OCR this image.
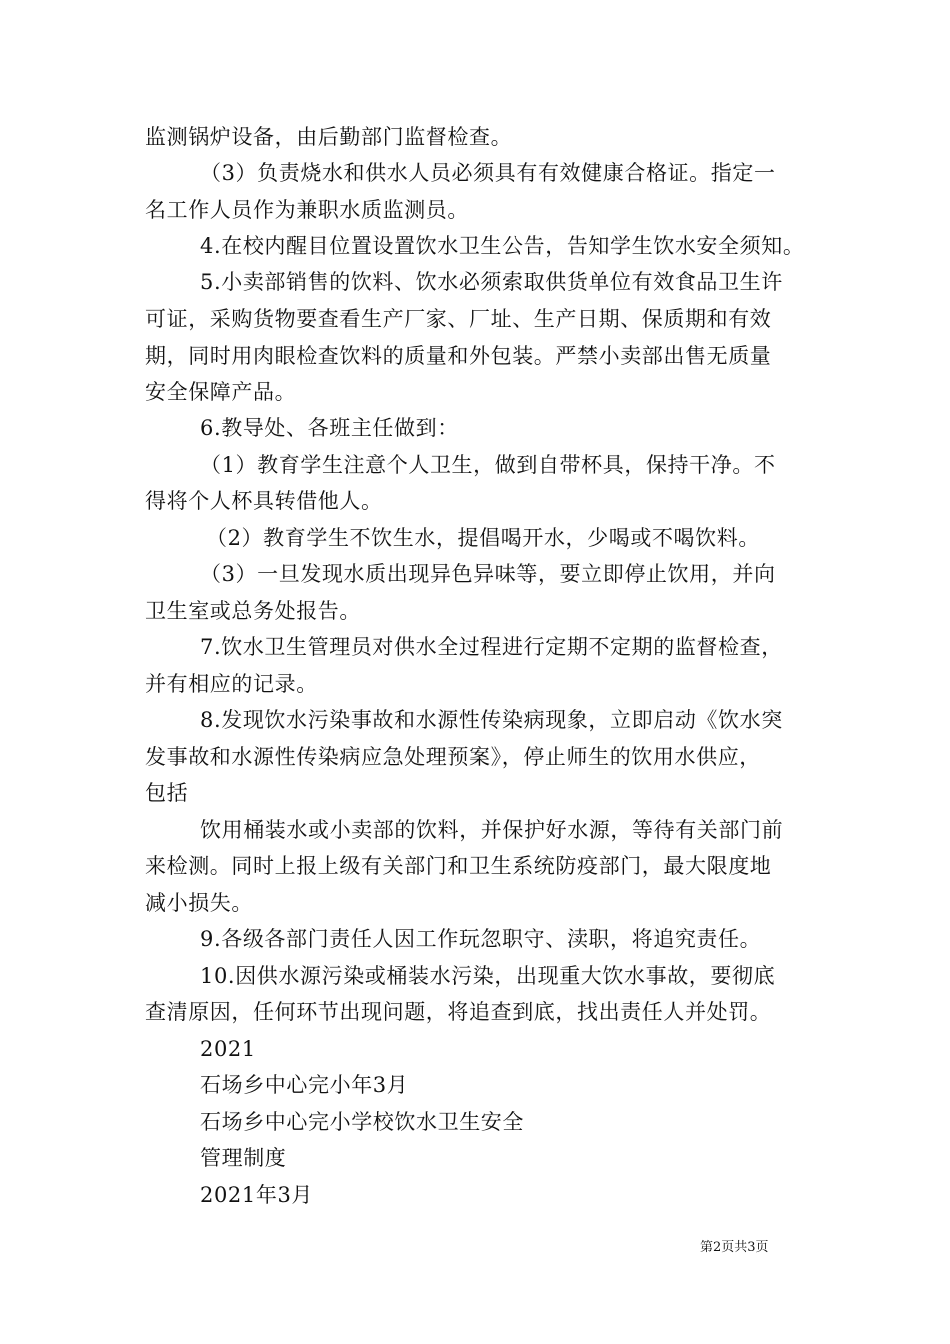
监测锅炉设备，由后勤部门监督检查。
（3）负责烧水和供水人员必须具有有效健康合格证。指定一
名工作人员作为兼职水质监测员。
4.在校内醒目位置设置饮水卫生公告，告知学生饮水安全须知。
5.小卖部销售的饮料、饮水必须索取供货单位有效食品卫生许
可证，采购货物要查看生产厂家、厂址、生产日期、保质期和有效
期，同时用肉眼检查饮料的质量和外包装。严禁小卖部出售无质量
安全保障产品。
6.教导处、各班主任做到：
（1）教育学生注意个人卫生，做到自带杯具，保持干净。不
得将个人杯具转借他人。
（2）教育学生不饮生水，提倡喝开水，少喝或不喝饮料。
（3）一旦发现水质出现异色异味等，要立即停止饮用，并向
卫生室或总务处报告。
7.饮水卫生管理员对供水全过程进行定期不定期的监督检查，
并有相应的记录。
8.发现饮水污染事故和水源性传染病现象，立即启动《饮水突
发事故和水源性传染病应急处理预案》，停止师生的饮用水供应，
包括
饮用桶装水或小卖部的饮料，并保护好水源，等待有关部门前
来检测。同时上报上级有关部门和卫生系统防疫部门，最大限度地
减小损失。
9.各级各部门责任人因工作玩忽职守、渎职，将追究责任。
10.因供水源污染或桶装水污染，出现重大饮水事故，要彻底
查清原因，任何环节出现问题，将追查到底，找出责任人并处罚。
2021
石场乡中心完小年3月
石场乡中心完小学校饮水卫生安全
管理制度
2021年3月
第2页共3页
